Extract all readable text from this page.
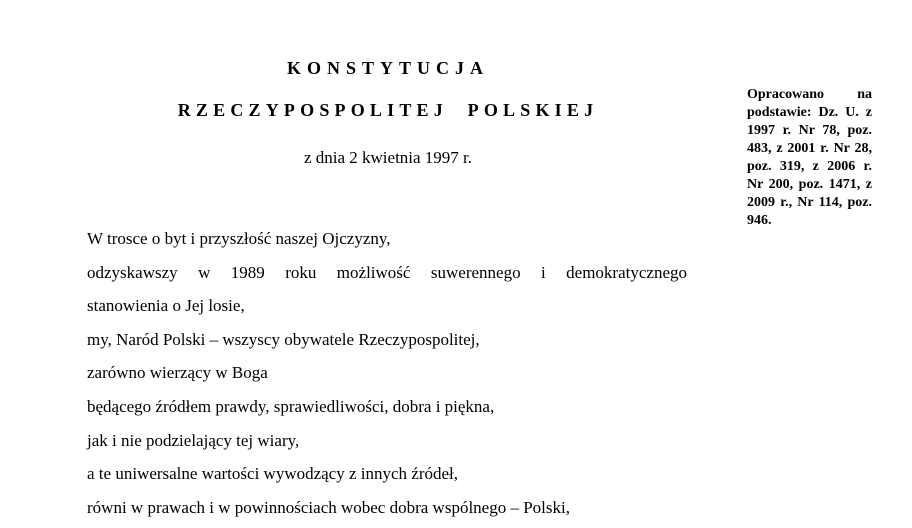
KONSTYTUCJA
RZECZYPOSPOLITEJ POLSKIEJ
z dnia 2 kwietnia 1997 r.
Opracowano na podstawie: Dz. U. z 1997 r. Nr 78, poz. 483, z 2001 r. Nr 28, poz. 319, z 2006 r. Nr 200, poz. 1471, z 2009 r., Nr 114, poz. 946.
W trosce o byt i przyszłość naszej Ojczyzny,
odzyskawszy w 1989 roku możliwość suwerennego i demokratycznego
stanowienia o Jej losie,
my, Naród Polski – wszyscy obywatele Rzeczypospolitej,
zarówno wierzący w Boga
będącego źródłem prawdy, sprawiedliwości, dobra i piękna,
jak i nie podzielający tej wiary,
a te uniwersalne wartości wywodzący z innych źródeł,
równi w prawach i w powinnościach wobec dobra wspólnego – Polski,
